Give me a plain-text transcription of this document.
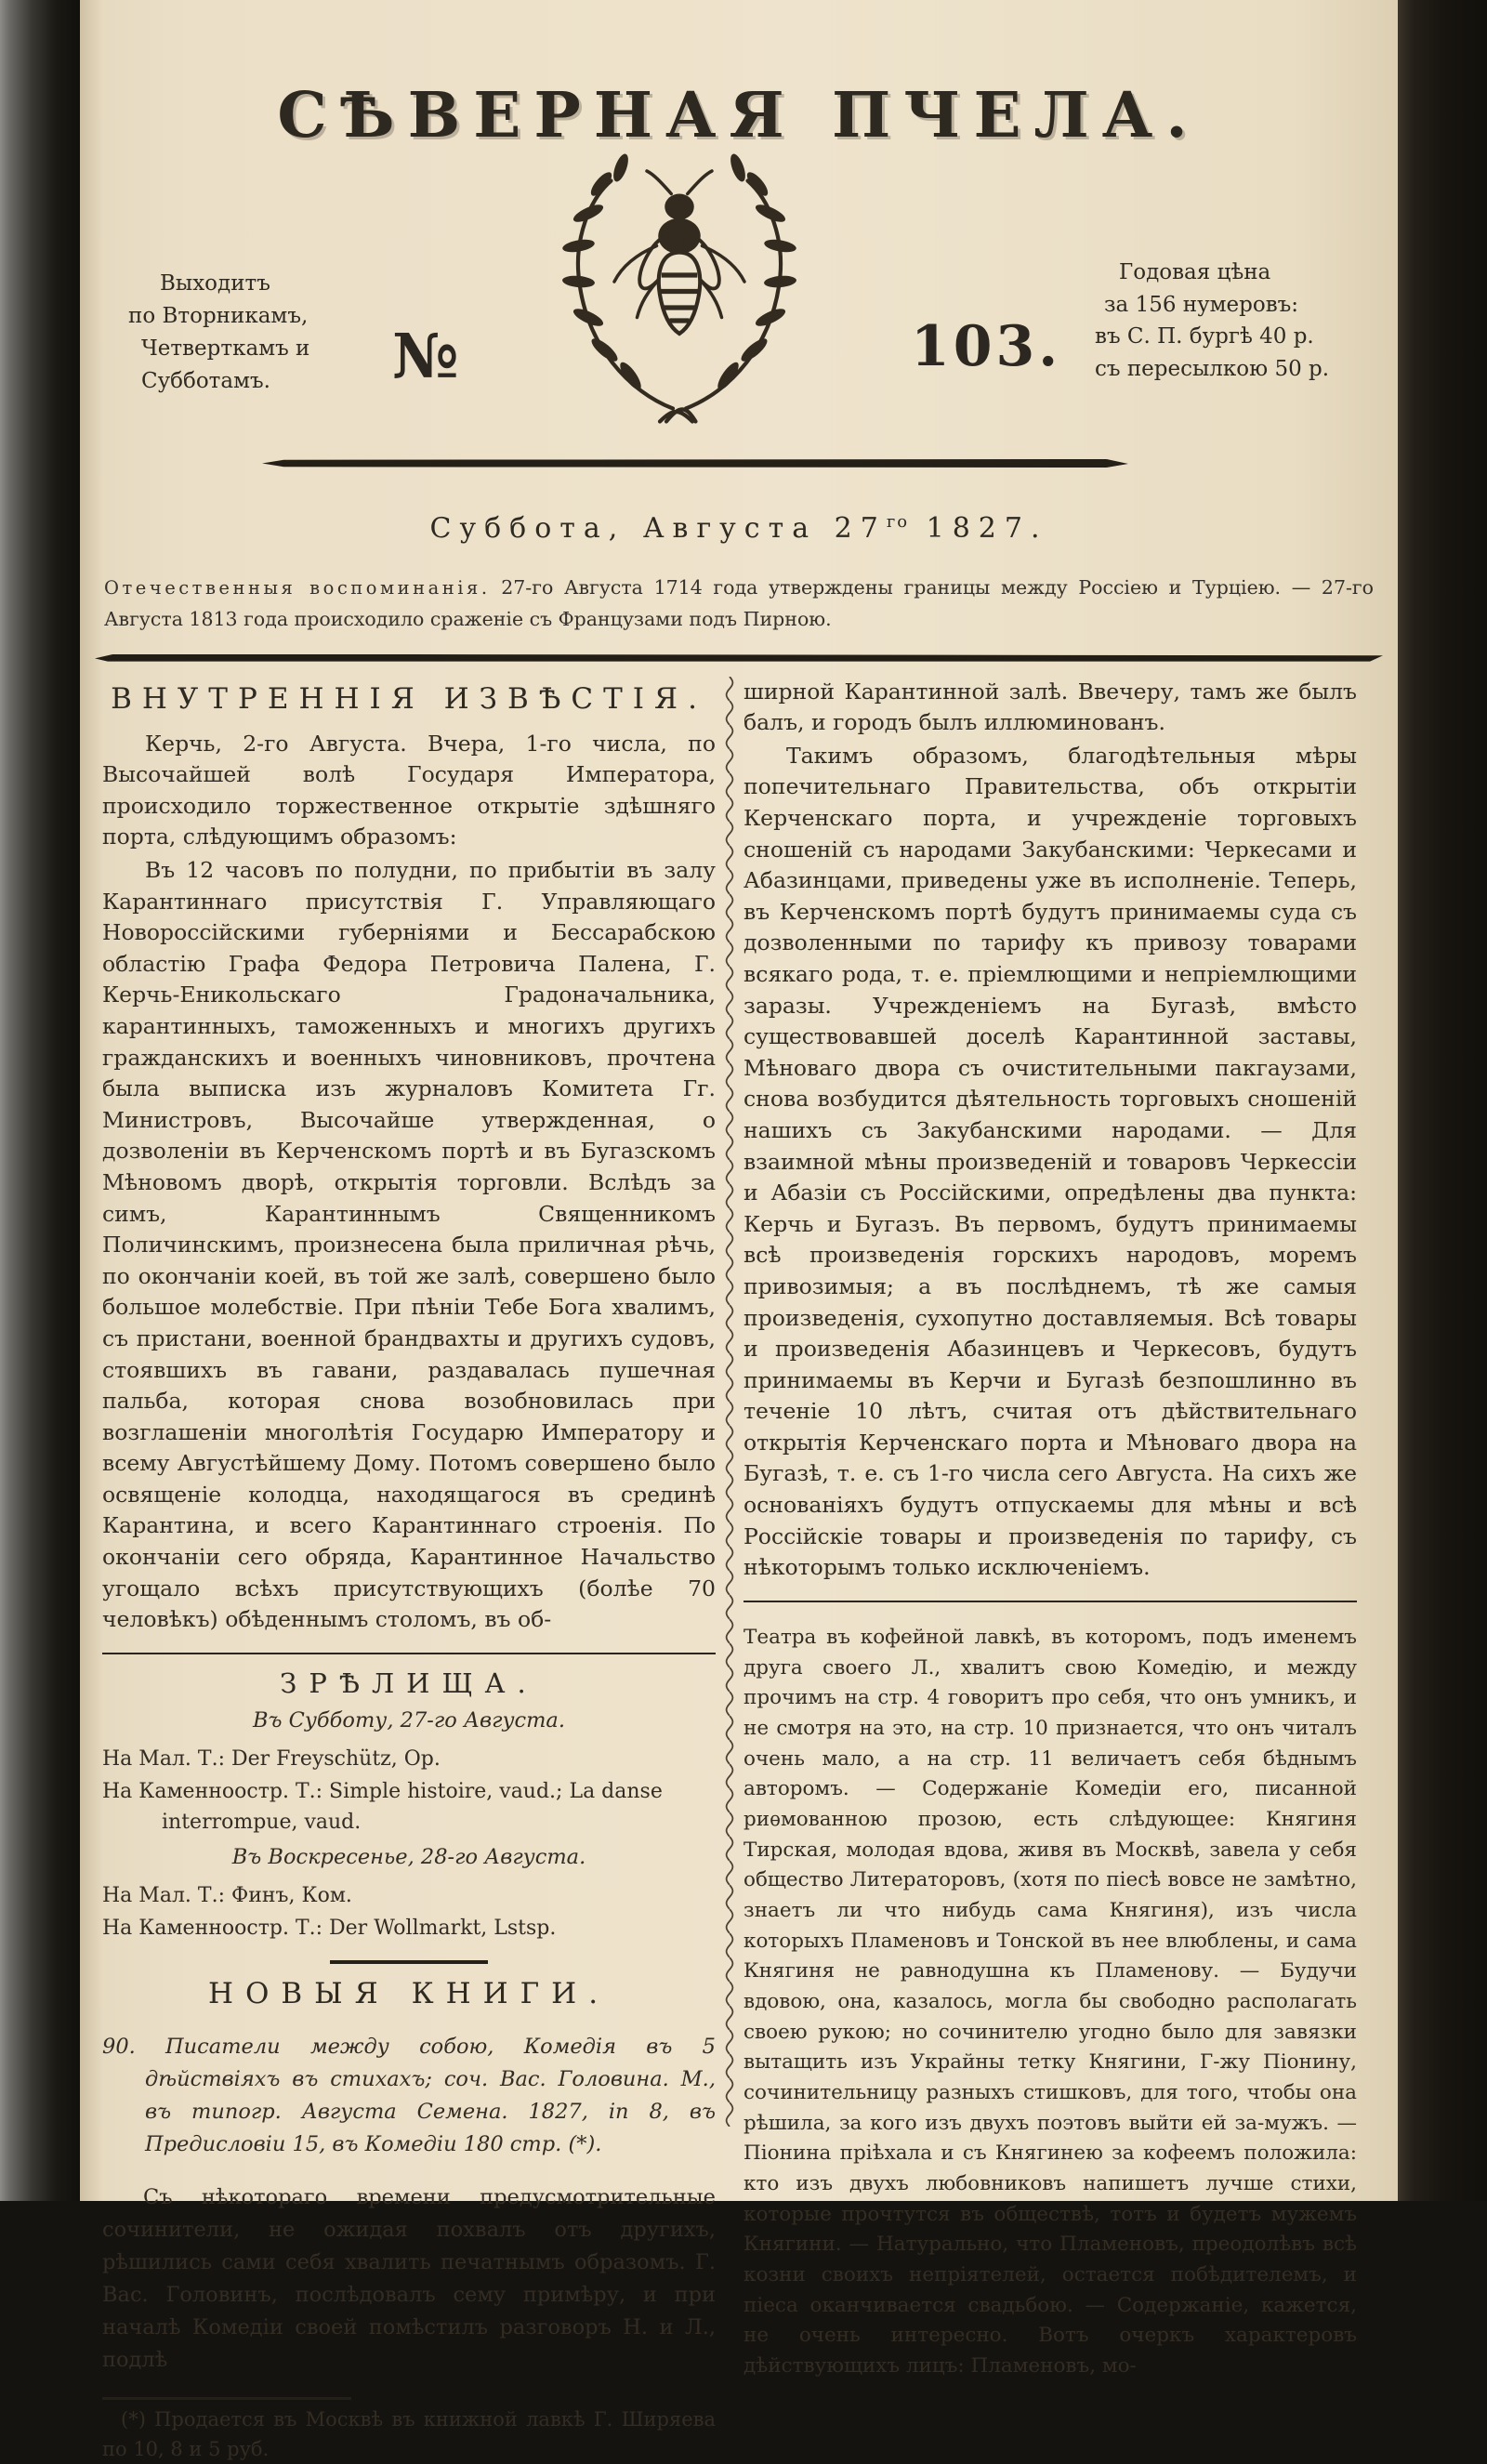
СѢВЕРНАЯ ПЧЕЛА.
Выходитъ
по Вторникамъ,
Четверткамъ и
Субботамъ.	№	103.
Годовая цѣна
за 156 нумеровъ:
въ С. П. бургѣ 40 р.
съ пересылкою 50 р.
Суббота, Августа $27^{го}$ 1827.
Отечественныя воспоминанія. 27-го Августа 1714 года утверждены границы между Россіею и Турціею. — 27-го Августа 1813 года происходило сраженіе съ Французами подъ Пирною.
ВНУТРЕННІЯ ИЗВѢСТІЯ.

Керчь, 2-го Августа. Вчера, 1-го числа, по Высочайшей волѣ Государя Императора, происходило торжественное открытіе здѣшняго порта, слѣдующимъ образомъ:

Въ 12 часовъ по полудни, по прибытіи въ залу Карантиннаго присутствія Г. Управляющаго Новороссійскими губерніями и Бессарабскою областію Графа Федора Петровича Палена, Г. Керчь-Еникольскаго Градоначальника, карантинныхъ, таможенныхъ и многихъ другихъ гражданскихъ и военныхъ чиновниковъ, прочтена была выписка изъ журналовъ Комитета Гг. Министровъ, Высочайше утвержденная, о дозволеніи въ Керченскомъ портѣ и въ Бугазскомъ Мѣновомъ дворѣ, открытія торговли. Вслѣдъ за симъ, Карантиннымъ Священникомъ Поличинскимъ, произнесена была приличная рѣчь, по окончаніи коей, въ той же залѣ, совершено было большое молебствіе. При пѣніи Тебе Бога хвалимъ, съ пристани, военной брандвахты и другихъ судовъ, стоявшихъ въ гавани, раздавалась пушечная пальба, которая снова возобновилась при возглашеніи многолѣтія Государю Императору и всему Августѣйшему Дому. Потомъ совершено было освященіе колодца, находящагося въ срединѣ Карантина, и всего Карантиннаго строенія. По окончаніи сего обряда, Карантинное Начальство угощало всѣхъ присутствующихъ (болѣе 70 человѣкъ) обѣденнымъ столомъ, въ об-

ЗРѢЛИЩА.
Въ Субботу, 27-го Августа.
На Мал. Т.: Der Freyschütz, Op.
На Каменноостр. Т.: Simple histoire, vaud.; La danse interrompue, vaud.
Въ Воскресенье, 28-го Августа.
На Мал. Т.: Финъ, Ком.
На Каменноостр. Т.: Der Wollmarkt, Lstsp.
НОВЫЯ КНИГИ.

90. Писатели между собою, Комедія въ 5 дѣйствіяхъ въ стихахъ; соч. Вас. Головина. М., въ типогр. Августа Семена. 1827, in 8, въ Предисловіи 15, въ Комедіи 180 стр. (*).

Съ нѣкотораго времени предусмотрительные сочинители, не ожидая похвалъ отъ другихъ, рѣшились сами себя хвалить печатнымъ образомъ. Г. Вас. Головинъ, послѣдовалъ сему примѣру, и при началѣ Комедіи своей помѣстилъ разговоръ Н. и Л., подлѣ

(*) Продается въ Москвѣ въ книжной лавкѣ Г. Ширяева по 10, 8 и 5 руб.

ширной Карантинной залѣ. Ввечеру, тамъ же былъ балъ, и городъ былъ иллюминованъ.

Такимъ образомъ, благодѣтельныя мѣры попечительнаго Правительства, объ открытіи Керченскаго порта, и учрежденіе торговыхъ сношеній съ народами Закубанскими: Черкесами и Абазинцами, приведены уже въ исполненіе. Теперь, въ Керченскомъ портѣ будутъ принимаемы суда съ дозволенными по тарифу къ привозу товарами всякаго рода, т. е. пріемлющими и непріемлющими заразы. Учрежденіемъ на Бугазѣ, вмѣсто существовавшей доселѣ Карантинной заставы, Мѣноваго двора съ очистительными пакгаузами, снова возбудится дѣятельность торговыхъ сношеній нашихъ съ Закубанскими народами. — Для взаимной мѣны произведеній и товаровъ Черкессіи и Абазіи съ Россійскими, опредѣлены два пункта: Керчь и Бугазъ. Въ первомъ, будутъ принимаемы всѣ произведенія горскихъ народовъ, моремъ привозимыя; а въ послѣднемъ, тѣ же самыя произведенія, сухопутно доставляемыя. Всѣ товары и произведенія Абазинцевъ и Черкесовъ, будутъ принимаемы въ Керчи и Бугазѣ безпошлинно въ теченіе 10 лѣтъ, считая отъ дѣйствительнаго открытія Керченскаго порта и Мѣноваго двора на Бугазѣ, т. е. съ 1-го числа сего Августа. На сихъ же основаніяхъ будутъ отпускаемы для мѣны и всѣ Россійскіе товары и произведенія по тарифу, съ нѣкоторымъ только исключеніемъ.

Театра въ кофейной лавкѣ, въ которомъ, подъ именемъ друга своего Л., хвалитъ свою Комедію, и между прочимъ на стр. 4 говоритъ про себя, что онъ умникъ, и не смотря на это, на стр. 10 признается, что онъ читалъ очень мало, а на стр. 11 величаетъ себя бѣднымъ авторомъ. — Содержаніе Комедіи его, писанной риѳмованною прозою, есть слѣдующее: Княгиня Тирская, молодая вдова, живя въ Москвѣ, завела у себя общество Литераторовъ, (хотя по піесѣ вовсе не замѣтно, знаетъ ли что нибудь сама Княгиня), изъ числа которыхъ Пламеновъ и Тонской въ нее влюблены, и сама Княгиня не равнодушна къ Пламенову. — Будучи вдовою, она, казалось, могла бы свободно располагать своею рукою; но сочинителю угодно было для завязки вытащить изъ Украйны тетку Княгини, Г-жу Піонину, сочинительницу разныхъ стишковъ, для того, чтобы она рѣшила, за кого изъ двухъ поэтовъ выйти ей за-мужъ. — Піонина пріѣхала и съ Княгинею за кофеемъ положила: кто изъ двухъ любовниковъ напишетъ лучше стихи, которые прочтутся въ обществѣ, тотъ и будетъ мужемъ Княгини. — Натурально, что Пламеновъ, преодолѣвъ всѣ козни своихъ непріятелей, остается побѣдителемъ, и піеса оканчивается свадьбою. — Содержаніе, кажется, не очень интересно. Вотъ очеркъ характеровъ дѣйствующихъ лицъ: Пламеновъ, мо-
